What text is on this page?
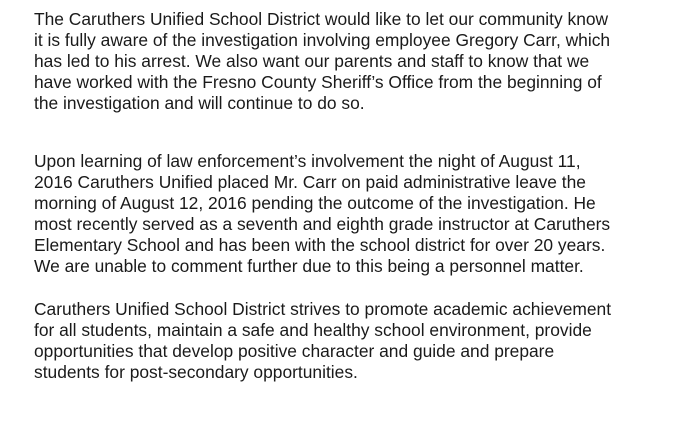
The Caruthers Unified School District would like to let our community know
it is fully aware of the investigation involving employee Gregory Carr, which
has led to his arrest. We also want our parents and staff to know that we
have worked with the Fresno County Sheriff’s Office from the beginning of
the investigation and will continue to do so.

Upon learning of law enforcement’s involvement the night of August 11,
2016 Caruthers Unified placed Mr. Carr on paid administrative leave the
morning of August 12, 2016 pending the outcome of the investigation. He
most recently served as a seventh and eighth grade instructor at Caruthers
Elementary School and has been with the school district for over 20 years.
We are unable to comment further due to this being a personnel matter.

Caruthers Unified School District strives to promote academic achievement
for all students, maintain a safe and healthy school environment, provide
opportunities that develop positive character and guide and prepare
students for post-secondary opportunities.
